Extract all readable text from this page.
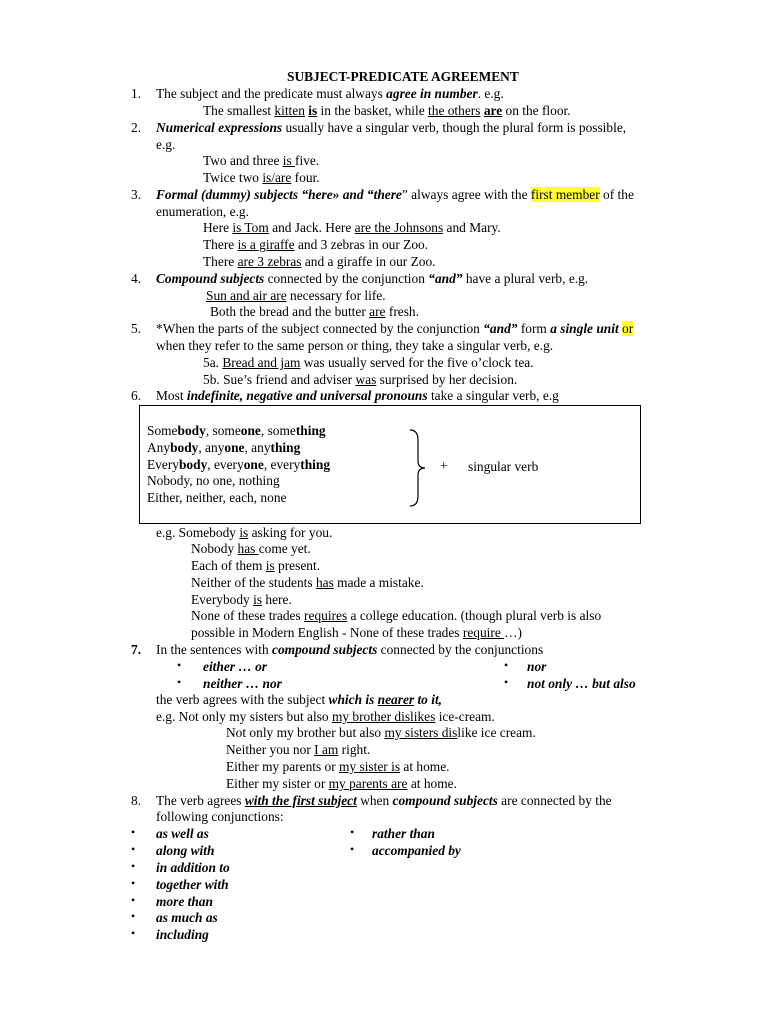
SUBJECT-PREDICATE AGREEMENT
1. The subject and the predicate must always agree in number. e.g.
The smallest kitten is in the basket, while the others are on the floor.
2. Numerical expressions usually have a singular verb, though the plural form is possible,
e.g.
Two and three is five.
Twice two is/are four.
3. Formal (dummy) subjects “here» and “there” always agree with the first member of the
enumeration, e.g.
Here is Tom and Jack. Here are the Johnsons and Mary.
There is a giraffe and 3 zebras in our Zoo.
There are 3 zebras and a giraffe in our Zoo.
4. Compound subjects connected by the conjunction “and” have a plural verb, e.g.
Sun and air are necessary for life.
Both the bread and the butter are fresh.
5. *When the parts of the subject connected by the conjunction “and” form a single unit or
when they refer to the same person or thing, they take a singular verb, e.g.
5a. Bread and jam was usually served for the five o’clock tea.
5b. Sue’s friend and adviser was surprised by her decision.
6. Most indefinite, negative and universal pronouns take a singular verb, e.g
Somebody, someone, something
Anybody, anyone, anything
Everybody, everyone, everything
Nobody, no one, nothing
Either, neither, each, none
+ singular verb
e.g. Somebody is asking for you.
Nobody has come yet.
Each of them is present.
Neither of the students has made a mistake.
Everybody is here.
None of these trades requires a college education. (though plural verb is also
possible in Modern English - None of these trades require …)
7. In the sentences with compound subjects connected by the conjunctions
• either … or
• neither … nor
• nor
• not only … but also
the verb agrees with the subject which is nearer to it,
e.g. Not only my sisters but also my brother dislikes ice-cream.
Not only my brother but also my sisters dislike ice cream.
Neither you nor I am right.
Either my parents or my sister is at home.
Either my sister or my parents are at home.
8. The verb agrees with the first subject when compound subjects are connected by the
following conjunctions:
• as well as
• along with
• in addition to
• together with
• more than
• as much as
• including
• rather than
• accompanied by
